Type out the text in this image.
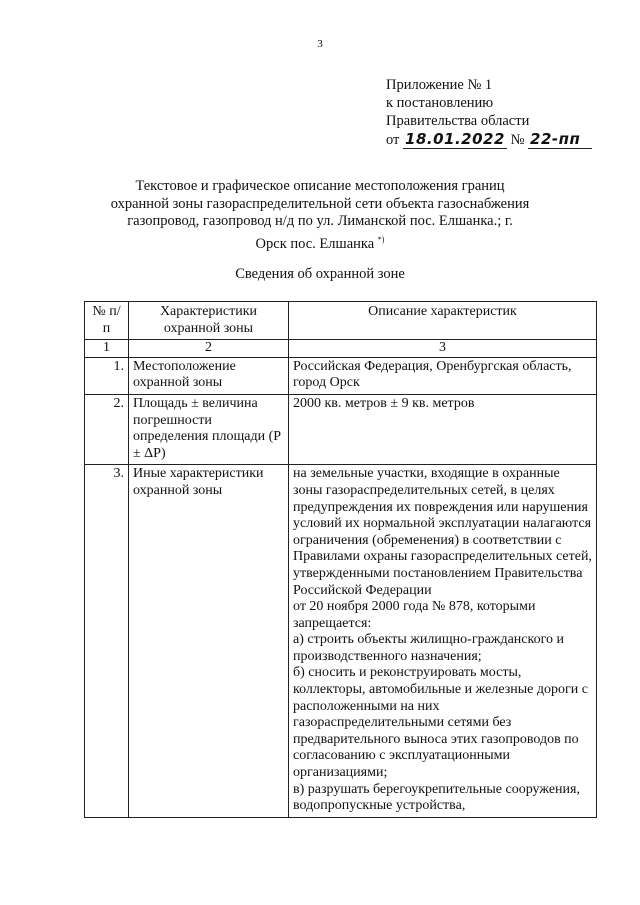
3
Приложение № 1
к постановлению
Правительства области
от 18.01.2022 № 22-пп
Текстовое и графическое описание местоположения границ охранной зоны газораспределительной сети объекта газоснабжения газопровод, газопровод н/д по ул. Лиманской пос. Елшанка.; г. Орск пос. Елшанка *)
Сведения об охранной зоне
№ п/п	Характеристики охранной зоны	Описание характеристик
1	2	3
1.	Местоположение охранной зоны	Российская Федерация, Оренбургская область, город Орск

2.	Площадь ± величина погрешности определения площади (P ± ΔP)	2000 кв. метров ± 9 кв. метров

3.	Иные характеристики охранной зоны	на земельные участки, входящие в охранные зоны газораспределительных сетей, в целях предупреждения их повреждения или нарушения условий их нормальной эксплуатации налагаются ограничения (обременения) в соответствии с Правилами охраны газораспределительных сетей, утвержденными постановлением Правительства Российской Федерации
от 20 ноября 2000 года № 878, которыми запрещается:
а) строить объекты жилищно-гражданского и производственного назначения;
б) сносить и реконструировать мосты, коллекторы, автомобильные и железные дороги с расположенными на них газораспределительными сетями без предварительного выноса этих газопроводов по согласованию с эксплуатационными организациями;
в) разрушать берегоукрепительные сооружения, водопропускные устройства,
